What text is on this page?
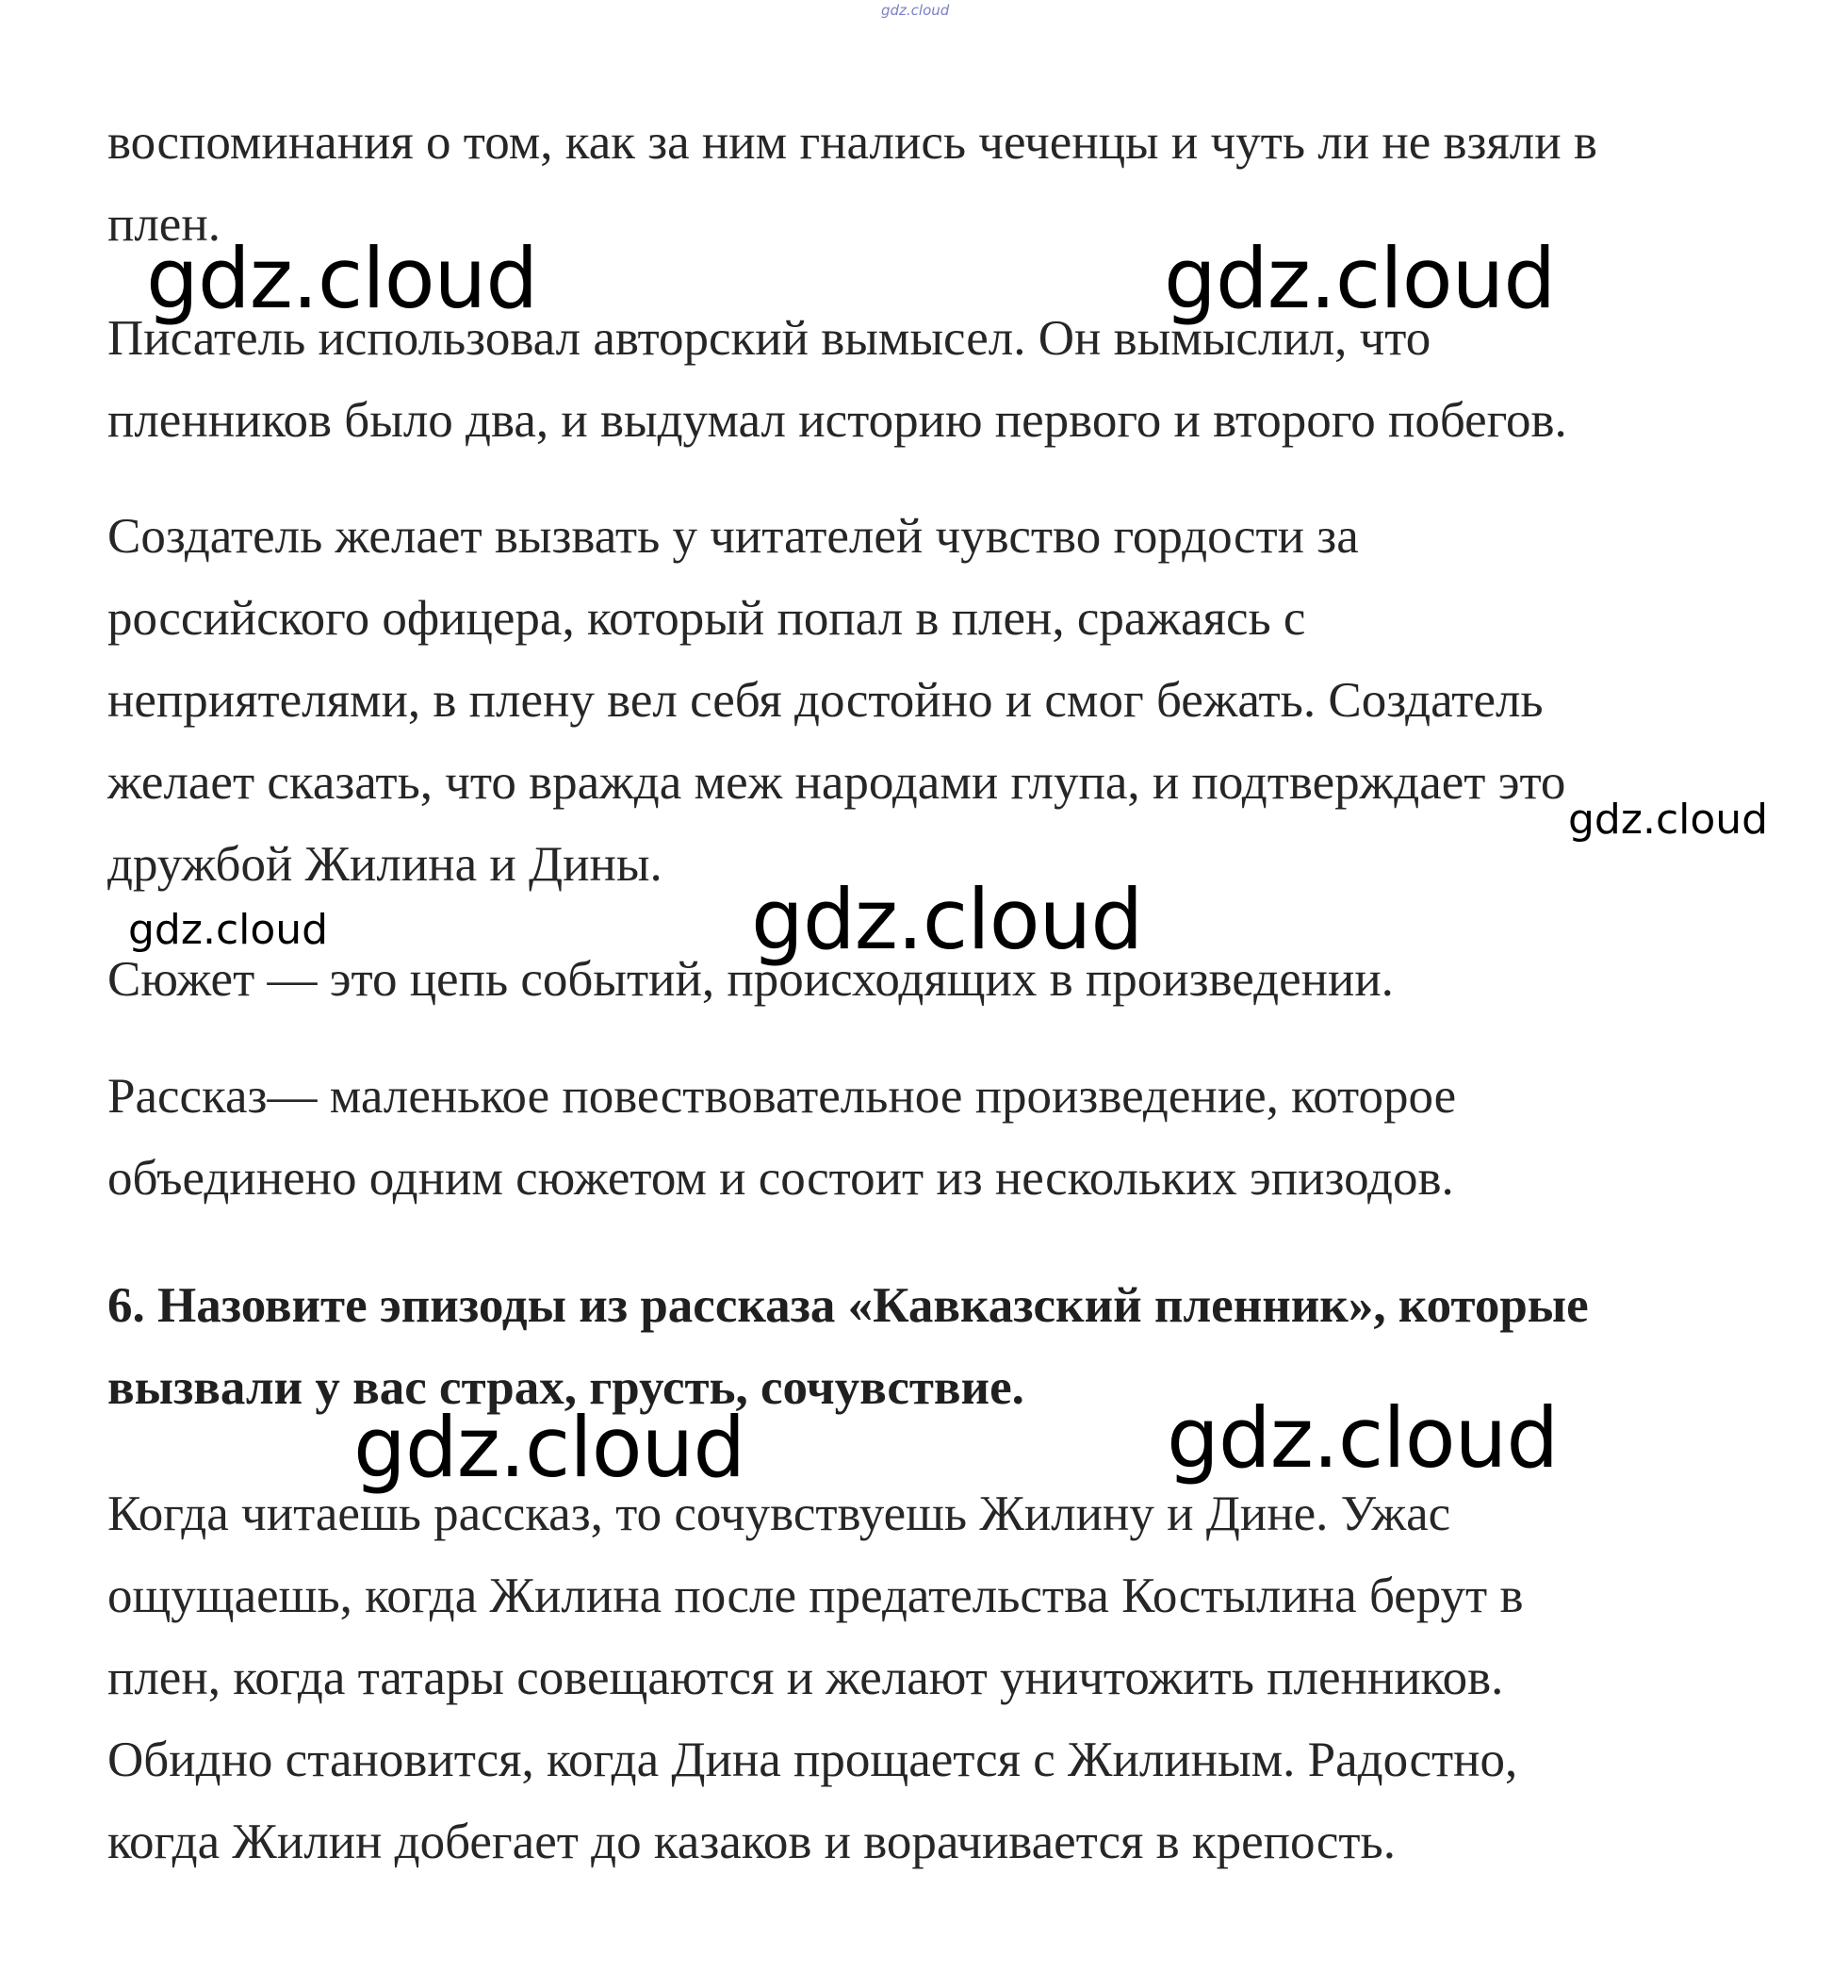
gdz.cloud
воспоминания о том, как за ним гнались чеченцы и чуть ли не взяли в
плен.
Писатель использовал авторский вымысел. Он вымыслил, что
пленников было два, и выдумал историю первого и второго побегов.
Создатель желает вызвать у читателей чувство гордости за
российского офицера, который попал в плен, сражаясь с
неприятелями, в плену вел себя достойно и смог бежать. Создатель
желает сказать, что вражда меж народами глупа, и подтверждает это
дружбой Жилина и Дины.
Сюжет — это цепь событий, происходящих в произведении.
Рассказ— маленькое повествовательное произведение, которое
объединено одним сюжетом и состоит из нескольких эпизодов.
6. Назовите эпизоды из рассказа «Кавказский пленник», которые
вызвали у вас страх, грусть, сочувствие.
Когда читаешь рассказ, то сочувствуешь Жилину и Дине. Ужас
ощущаешь, когда Жилина после предательства Костылина берут в
плен, когда татары совещаются и желают уничтожить пленников.
Обидно становится, когда Дина прощается с Жилиным. Радостно,
когда Жилин добегает до казаков и ворачивается в крепость.
gdz.cloud	gdz.cloud
gdz.cloud
gdz.cloud	gdz.cloud
gdz.cloud	gdz.cloud
